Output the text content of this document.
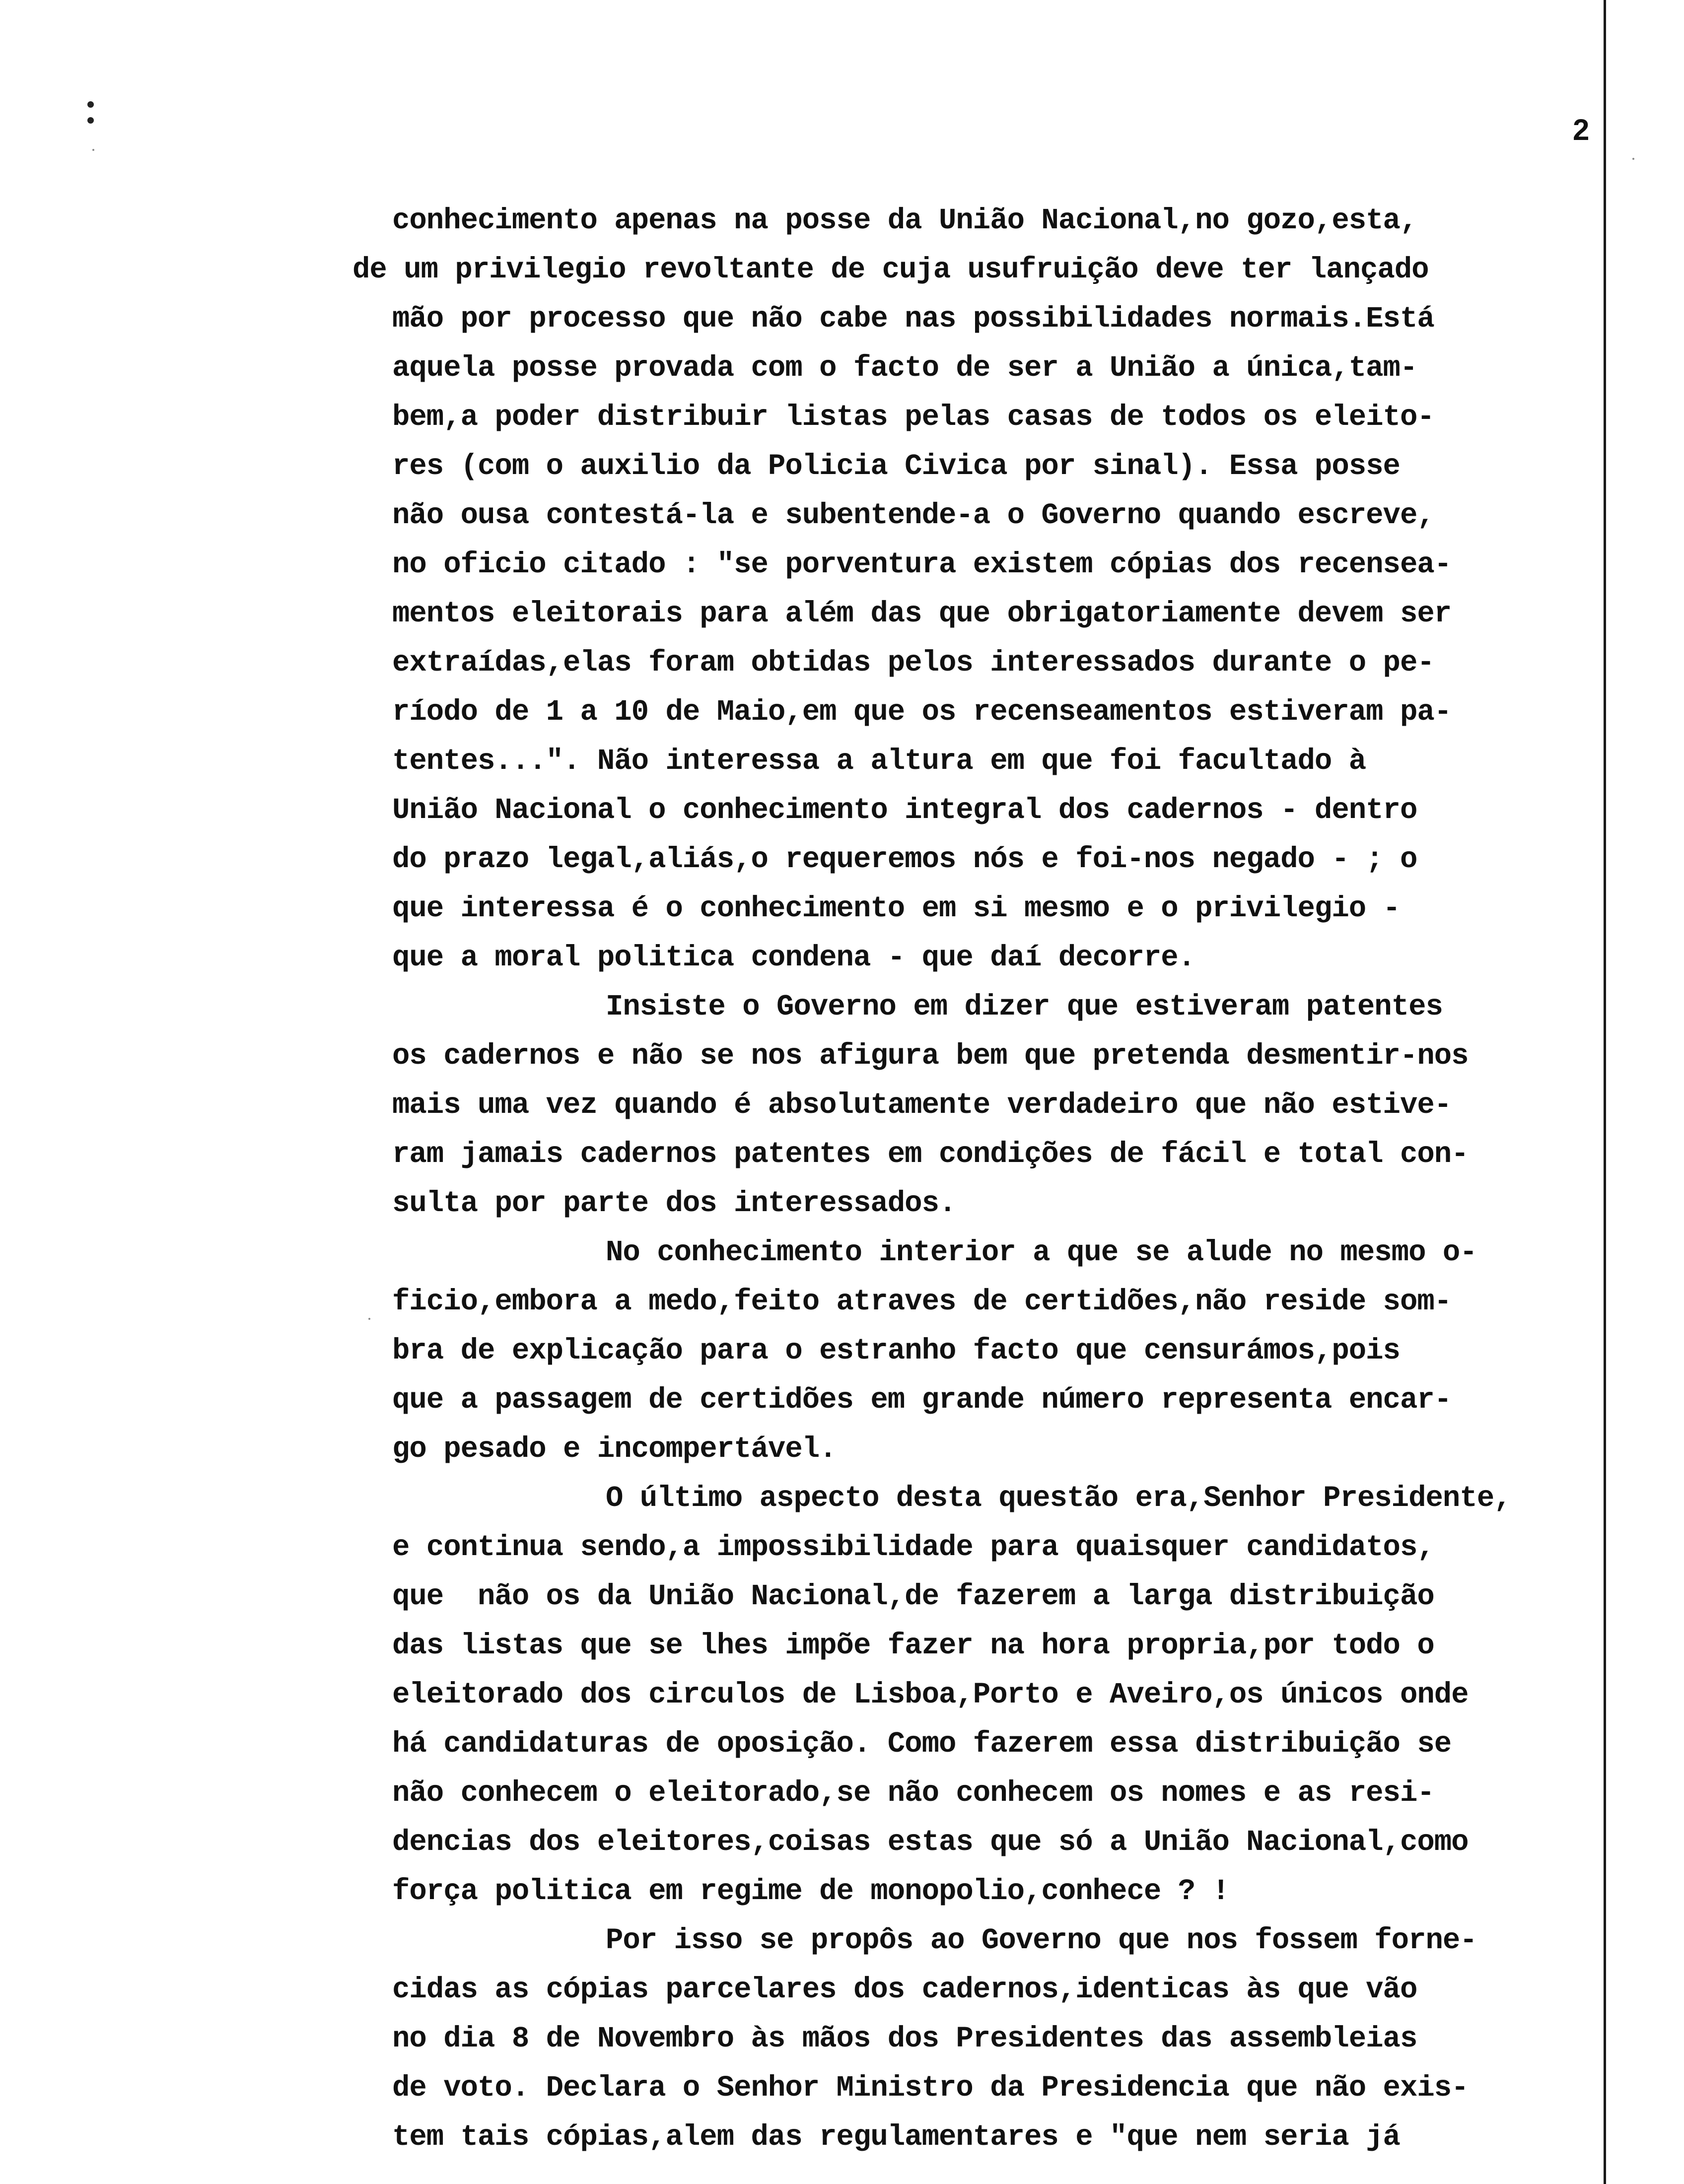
2
conhecimento apenas na posse da União Nacional,no gozo,esta,
de um privilegio revoltante de cuja usufruição deve ter lançado
mão por processo que não cabe nas possibilidades normais.Está
aquela posse provada com o facto de ser a União a única,tam-
bem,a poder distribuir listas pelas casas de todos os eleito-
res (com o auxilio da Policia Civica por sinal). Essa posse
não ousa contestá-la e subentende-a o Governo quando escreve,
no oficio citado : "se porventura existem cópias dos recensea-
mentos eleitorais para além das que obrigatoriamente devem ser
extraídas,elas foram obtidas pelos interessados durante o pe-
ríodo de 1 a 10 de Maio,em que os recenseamentos estiveram pa-
tentes...". Não interessa a altura em que foi facultado à
União Nacional o conhecimento integral dos cadernos - dentro
do prazo legal,aliás,o requeremos nós e foi-nos negado - ; o
que interessa é o conhecimento em si mesmo e o privilegio -
que a moral politica condena - que daí decorre.
Insiste o Governo em dizer que estiveram patentes
os cadernos e não se nos afigura bem que pretenda desmentir-nos
mais uma vez quando é absolutamente verdadeiro que não estive-
ram jamais cadernos patentes em condições de fácil e total con-
sulta por parte dos interessados.
No conhecimento interior a que se alude no mesmo o-
ficio,embora a medo,feito atraves de certidões,não reside som-
bra de explicação para o estranho facto que censurámos,pois
que a passagem de certidões em grande número representa encar-
go pesado e incompertável.
O último aspecto desta questão era,Senhor Presidente,
e continua sendo,a impossibilidade para quaisquer candidatos,
que  não os da União Nacional,de fazerem a larga distribuição
das listas que se lhes impõe fazer na hora propria,por todo o
eleitorado dos circulos de Lisboa,Porto e Aveiro,os únicos onde
há candidaturas de oposição. Como fazerem essa distribuição se
não conhecem o eleitorado,se não conhecem os nomes e as resi-
dencias dos eleitores,coisas estas que só a União Nacional,como
força politica em regime de monopolio,conhece ? !
Por isso se propôs ao Governo que nos fossem forne-
cidas as cópias parcelares dos cadernos,identicas às que vão
no dia 8 de Novembro às mãos dos Presidentes das assembleias
de voto. Declara o Senhor Ministro da Presidencia que não exis-
tem tais cópias,alem das regulamentares e "que nem seria já
